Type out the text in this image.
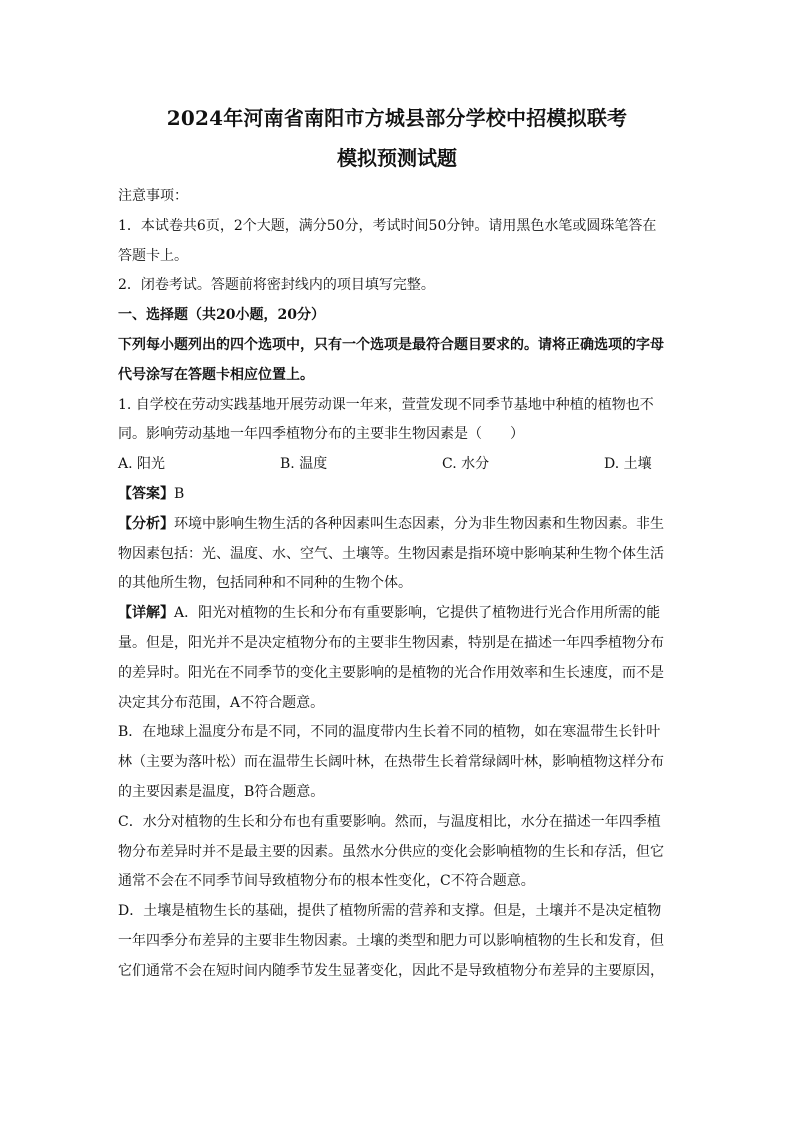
2024年河南省南阳市方城县部分学校中招模拟联考

模拟预测试题

注意事项：

1．本试卷共6页，2个大题，满分50分，考试时间50分钟。请用黑色水笔或圆珠笔答在

答题卡上。

2．闭卷考试。答题前将密封线内的项目填写完整。

一、选择题（共20小题，20分）

下列每小题列出的四个选项中，只有一个选项是最符合题目要求的。请将正确选项的字母

代号涂写在答题卡相应位置上。

1. 自学校在劳动实践基地开展劳动课一年来，萱萱发现不同季节基地中种植的植物也不

同。影响劳动基地一年四季植物分布的主要非生物因素是（　　）

A. 阳光	B. 温度	C. 水分	D. 土壤

【答案】B

【分析】环境中影响生物生活的各种因素叫生态因素，分为非生物因素和生物因素。非生

物因素包括：光、温度、水、空气、土壤等。生物因素是指环境中影响某种生物个体生活

的其他所生物，包括同种和不同种的生物个体。

【详解】A．阳光对植物的生长和分布有重要影响，它提供了植物进行光合作用所需的能

量。但是，阳光并不是决定植物分布的主要非生物因素，特别是在描述一年四季植物分布

的差异时。阳光在不同季节的变化主要影响的是植物的光合作用效率和生长速度，而不是

决定其分布范围，A不符合题意。

B．在地球上温度分布是不同，不同的温度带内生长着不同的植物，如在寒温带生长针叶

林（主要为落叶松）而在温带生长阔叶林，在热带生长着常绿阔叶林，影响植物这样分布

的主要因素是温度，B符合题意。

C．水分对植物的生长和分布也有重要影响。然而，与温度相比，水分在描述一年四季植

物分布差异时并不是最主要的因素。虽然水分供应的变化会影响植物的生长和存活，但它

通常不会在不同季节间导致植物分布的根本性变化，C不符合题意。

D．土壤是植物生长的基础，提供了植物所需的营养和支撑。但是，土壤并不是决定植物

一年四季分布差异的主要非生物因素。土壤的类型和肥力可以影响植物的生长和发育，但

它们通常不会在短时间内随季节发生显著变化，因此不是导致植物分布差异的主要原因，
